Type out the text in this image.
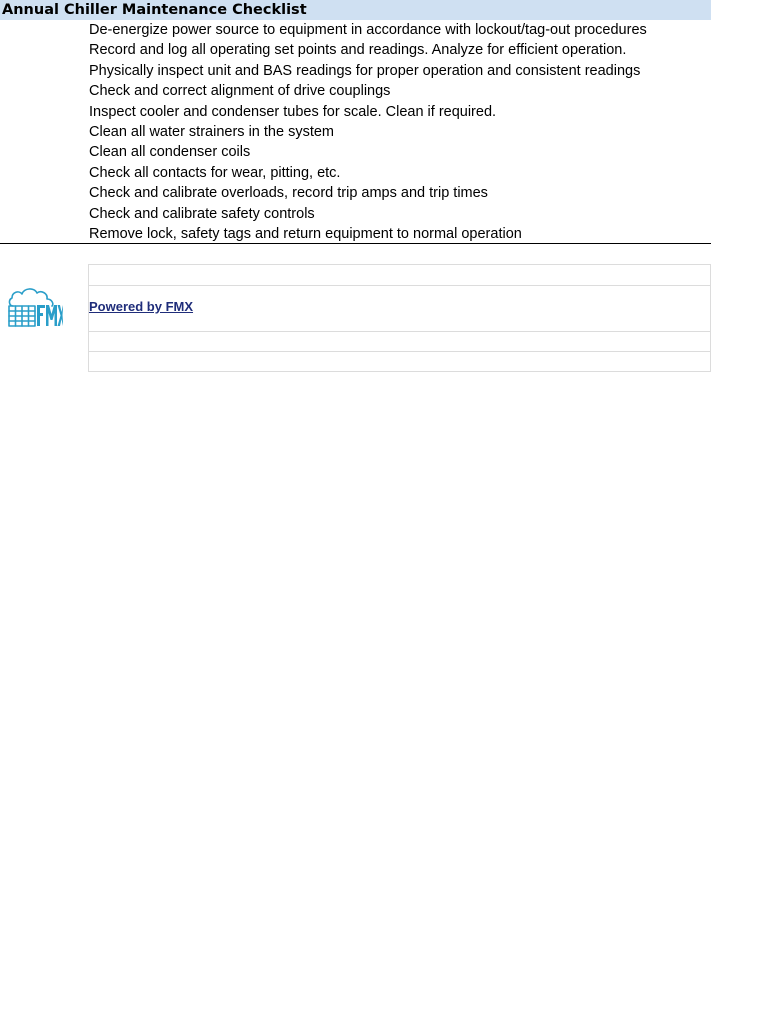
Annual Chiller Maintenance Checklist
De-energize power source to equipment in accordance with lockout/tag-out procedures
Record and log all operating set points and readings. Analyze for efficient operation.
Physically inspect unit and BAS readings for proper operation and consistent readings
Check and correct alignment of drive couplings
Inspect cooler and condenser tubes for scale. Clean if required.
Clean all water strainers in the system
Clean all condenser coils
Check all contacts for wear, pitting, etc.
Check and calibrate overloads, record trip amps and trip times
Check and calibrate safety controls
Remove lock, safety tags and return equipment to normal operation
Powered by FMX
